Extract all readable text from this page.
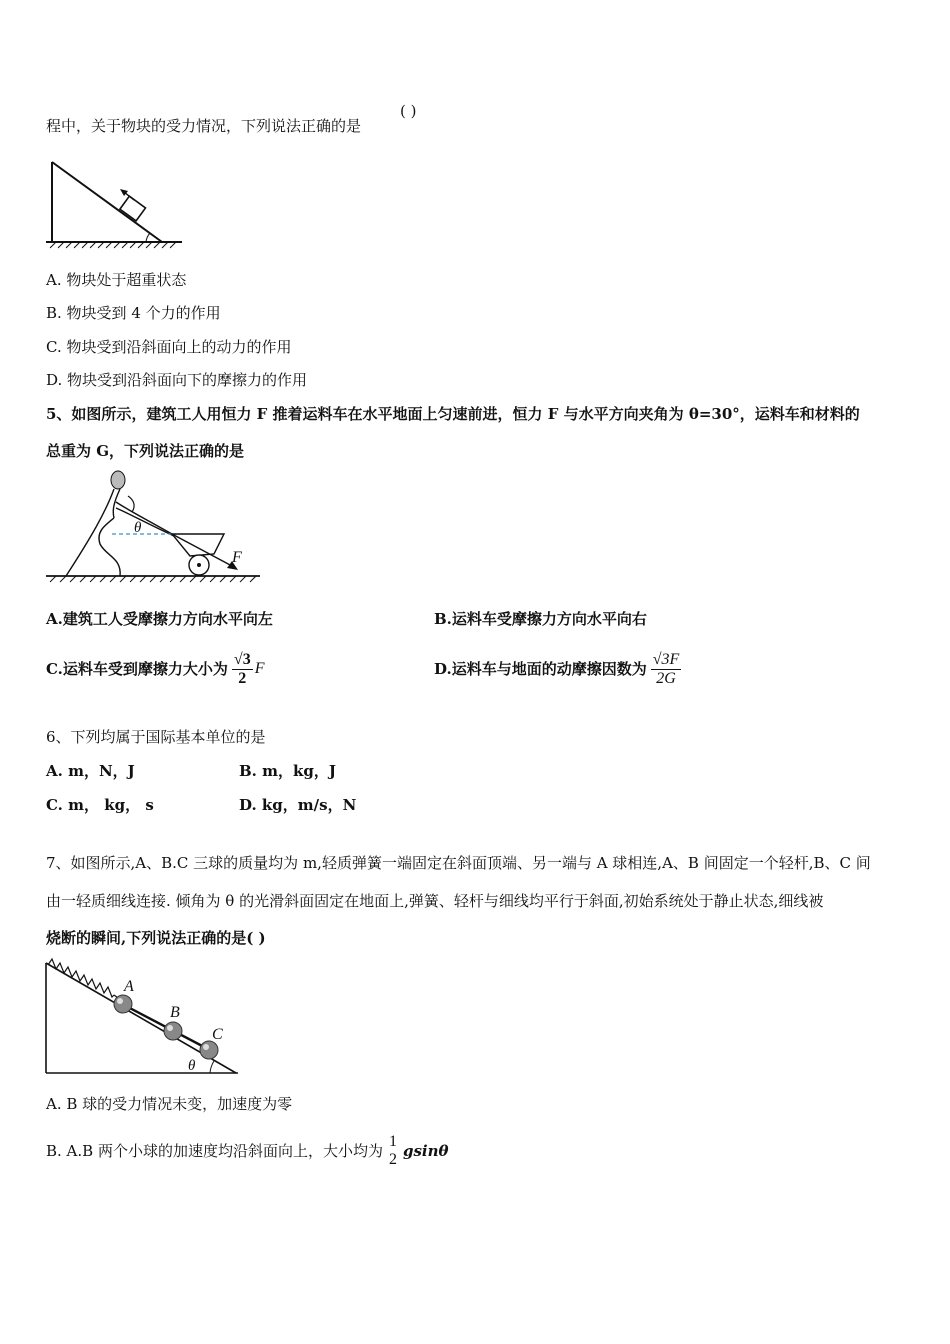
程中，关于物块的受力情况，下列说法正确的是
( )
A. 物块处于超重状态
B. 物块受到 4 个力的作用
C. 物块受到沿斜面向上的动力的作用
D. 物块受到沿斜面向下的摩擦力的作用
5、如图所示，建筑工人用恒力 F 推着运料车在水平地面上匀速前进，恒力 F 与水平方向夹角为 θ=30°，运料车和材料的
总重为 G，下列说法正确的是
θ
F
A.建筑工人受摩擦力方向水平向左	B.运料车受摩擦力方向水平向右
C.运料车受到摩擦力大小为 $\frac{√3}{2}$ F	D.运料车与地面的动摩擦因数为 $\frac{√3F}{2G}$
6、下列均属于国际基本单位的是
A. m，N，J	B. m，kg，J
C. m， kg， s	D. kg，m/s，N
7、如图所示,A、B.C 三球的质量均为 m,轻质弹簧一端固定在斜面顶端、另一端与 A 球相连,A、B 间固定一个轻杆,B、C 间
由一轻质细线连接. 倾角为 θ 的光滑斜面固定在地面上,弹簧、轻杆与细线均平行于斜面,初始系统处于静止状态,细线被
烧断的瞬间,下列说法正确的是( )
A
B
C
θ
A. B 球的受力情况未变，加速度为零
B. A.B 两个小球的加速度均沿斜面向上，大小均为
1
2 gsinθ
